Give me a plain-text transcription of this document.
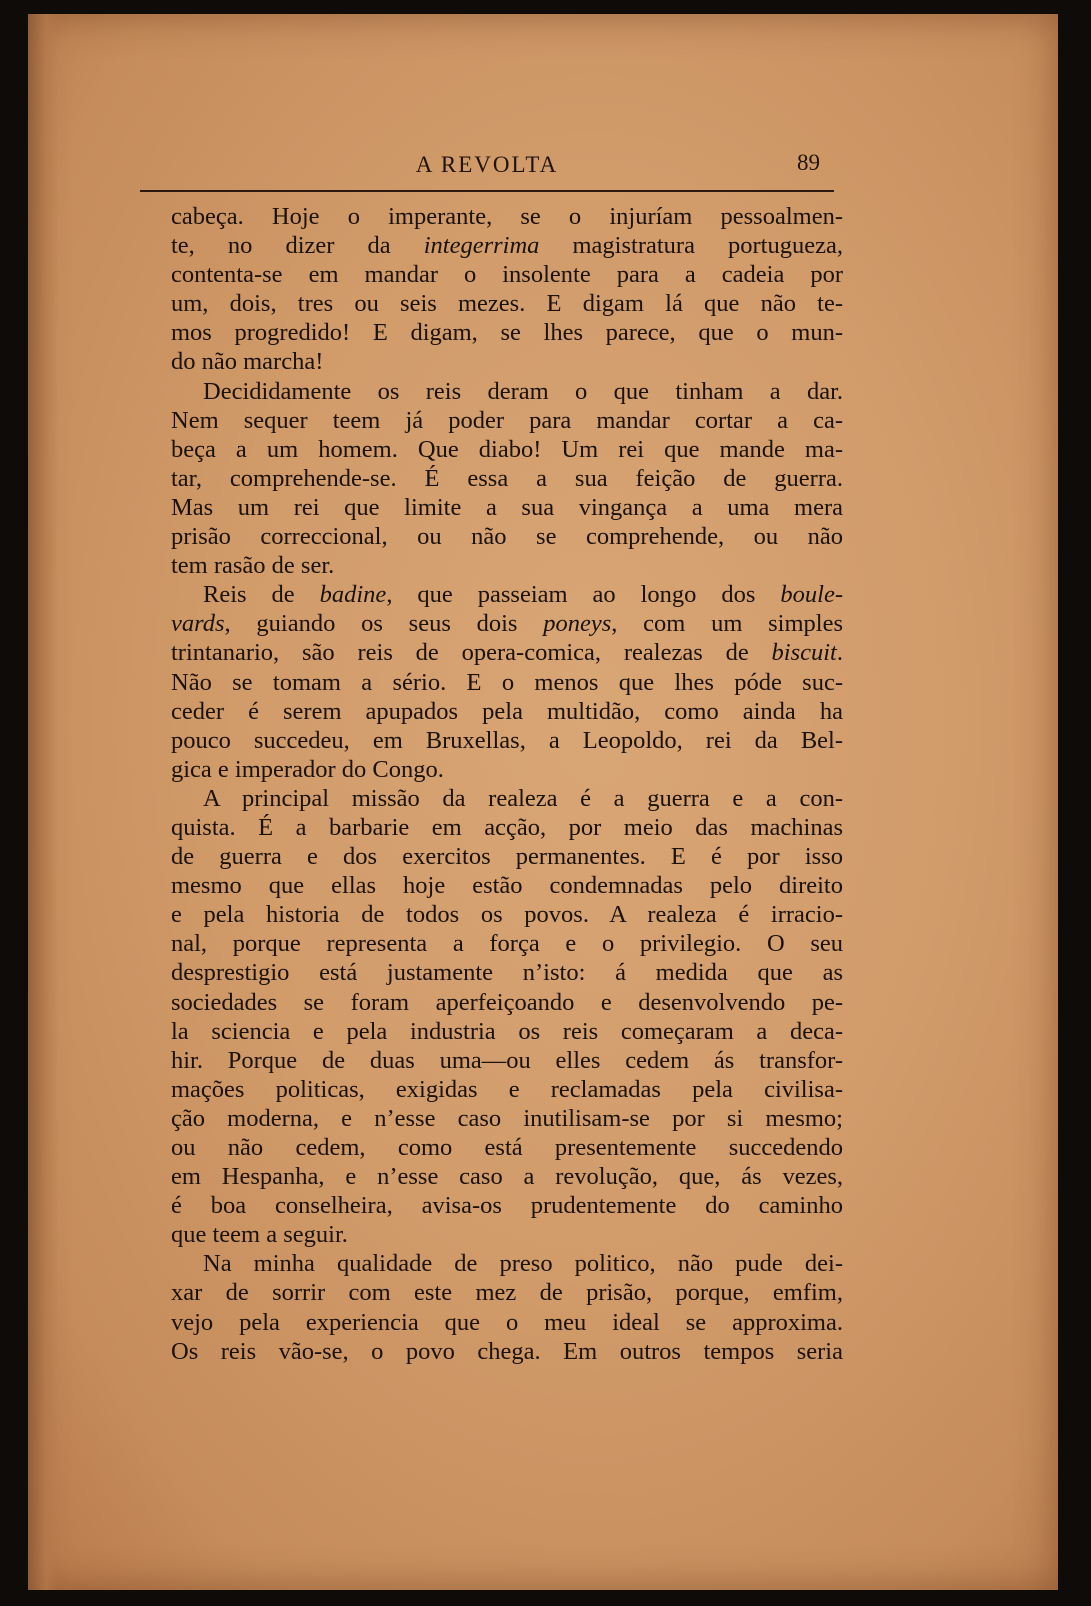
A REVOLTA	89
cabeça. Hoje o imperante, se o injuríam pessoalmen-
te, no dizer da integerrima magistratura portugueza,
contenta-se em mandar o insolente para a cadeia por
um, dois, tres ou seis mezes. E digam lá que não te-
mos progredido! E digam, se lhes parece, que o mun-
do não marcha!
Decididamente os reis deram o que tinham a dar.
Nem sequer teem já poder para mandar cortar a ca-
beça a um homem. Que diabo! Um rei que mande ma-
tar, comprehende-se. É essa a sua feição de guerra.
Mas um rei que limite a sua vingança a uma mera
prisão correccional, ou não se comprehende, ou não
tem rasão de ser.
Reis de badine, que passeiam ao longo dos boule-
vards, guiando os seus dois poneys, com um simples
trintanario, são reis de opera-comica, realezas de biscuit.
Não se tomam a sério. E o menos que lhes póde suc-
ceder é serem apupados pela multidão, como ainda ha
pouco succedeu, em Bruxellas, a Leopoldo, rei da Bel-
gica e imperador do Congo.
A principal missão da realeza é a guerra e a con-
quista. É a barbarie em acção, por meio das machinas
de guerra e dos exercitos permanentes. E é por isso
mesmo que ellas hoje estão condemnadas pelo direito
e pela historia de todos os povos. A realeza é irracio-
nal, porque representa a força e o privilegio. O seu
desprestigio está justamente n’isto: á medida que as
sociedades se foram aperfeiçoando e desenvolvendo pe-
la sciencia e pela industria os reis começaram a deca-
hir. Porque de duas uma—ou elles cedem ás transfor-
mações politicas, exigidas e reclamadas pela civilisa-
ção moderna, e n’esse caso inutilisam-se por si mesmo;
ou não cedem, como está presentemente succedendo
em Hespanha, e n’esse caso a revolução, que, ás vezes,
é boa conselheira, avisa-os prudentemente do caminho
que teem a seguir.
Na minha qualidade de preso politico, não pude dei-
xar de sorrir com este mez de prisão, porque, emfim,
vejo pela experiencia que o meu ideal se approxima.
Os reis vão-se, o povo chega. Em outros tempos seria
